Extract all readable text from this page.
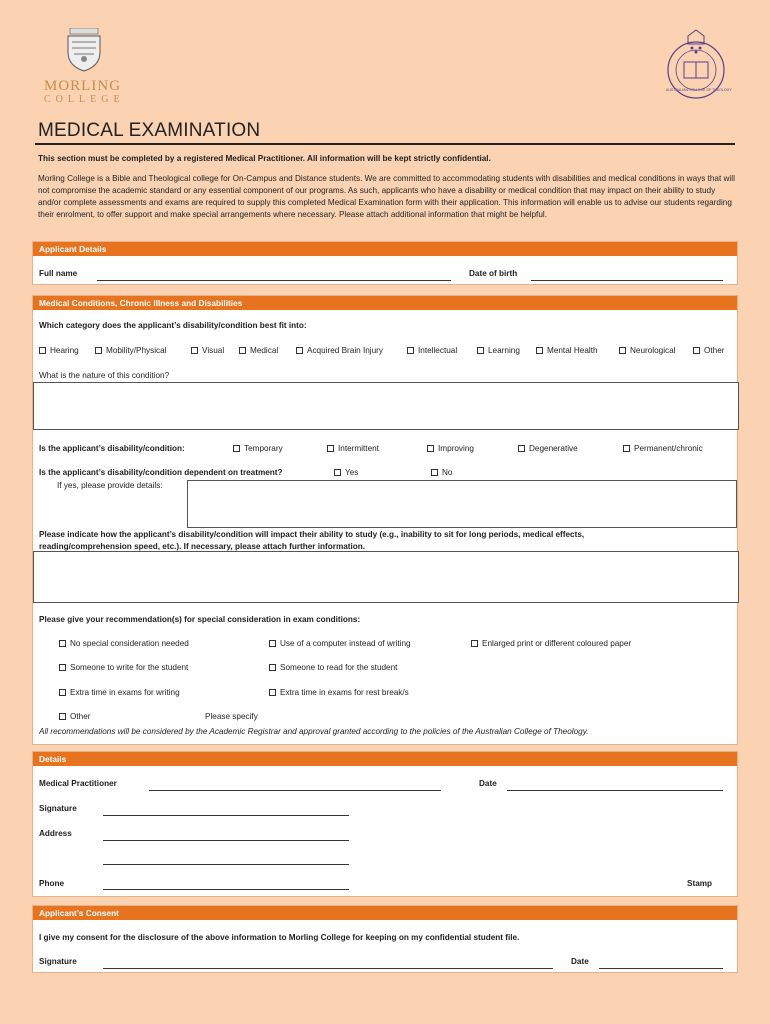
MORLING
COLLEGE
AUSTRALIAN COLLEGE OF THEOLOGY
MEDICAL EXAMINATION
This section must be completed by a registered Medical Practitioner. All information will be kept strictly confidential.
Morling College is a Bible and Theological college for On-Campus and Distance students. We are committed to accommodating students with disabilities and medical conditions in ways that will not compromise the academic standard or any essential component of our programs. As such, applicants who have a disability or medical condition that may impact on their ability to study and/or complete assessments and exams are required to supply this completed Medical Examination form with their application. This information will enable us to advise our students regarding their enrolment, to offer support and make special arrangements where necessary. Please attach additional information that might be helpful.
Applicant Details
Full name	Date of birth
Medical Conditions, Chronic Illness and Disabilities
Which category does the applicant’s disability/condition best fit into:
Hearing	Mobility/Physical	Visual	Medical	Acquired Brain Injury	Intellectual	Learning	Mental Health	Neurological	Other
What is the nature of this condition?
Is the applicant’s disability/condition:	Temporary	Intermittent	Improving	Degenerative	Permanent/chronic
Is the applicant’s disability/condition dependent on treatment?	Yes	No
If yes, please provide details:
Please indicate how the applicant’s disability/condition will impact their ability to study (e.g., inability to sit for long periods, medical effects, reading/comprehension speed, etc.). If necessary, please attach further information.
Please give your recommendation(s) for special consideration in exam conditions:
No special consideration needed	Use of a computer instead of writing	Enlarged print or different coloured paper
Someone to write for the student	Someone to read for the student
Extra time in exams for writing	Extra time in exams for rest break/s
Other	Please specify
All recommendations will be considered by the Academic Registrar and approval granted according to the policies of the Australian College of Theology.
Details
Medical Practitioner	Date
Signature
Address
Phone	Stamp
Applicant’s Consent
I give my consent for the disclosure of the above information to Morling College for keeping on my confidential student file.
Signature	Date
